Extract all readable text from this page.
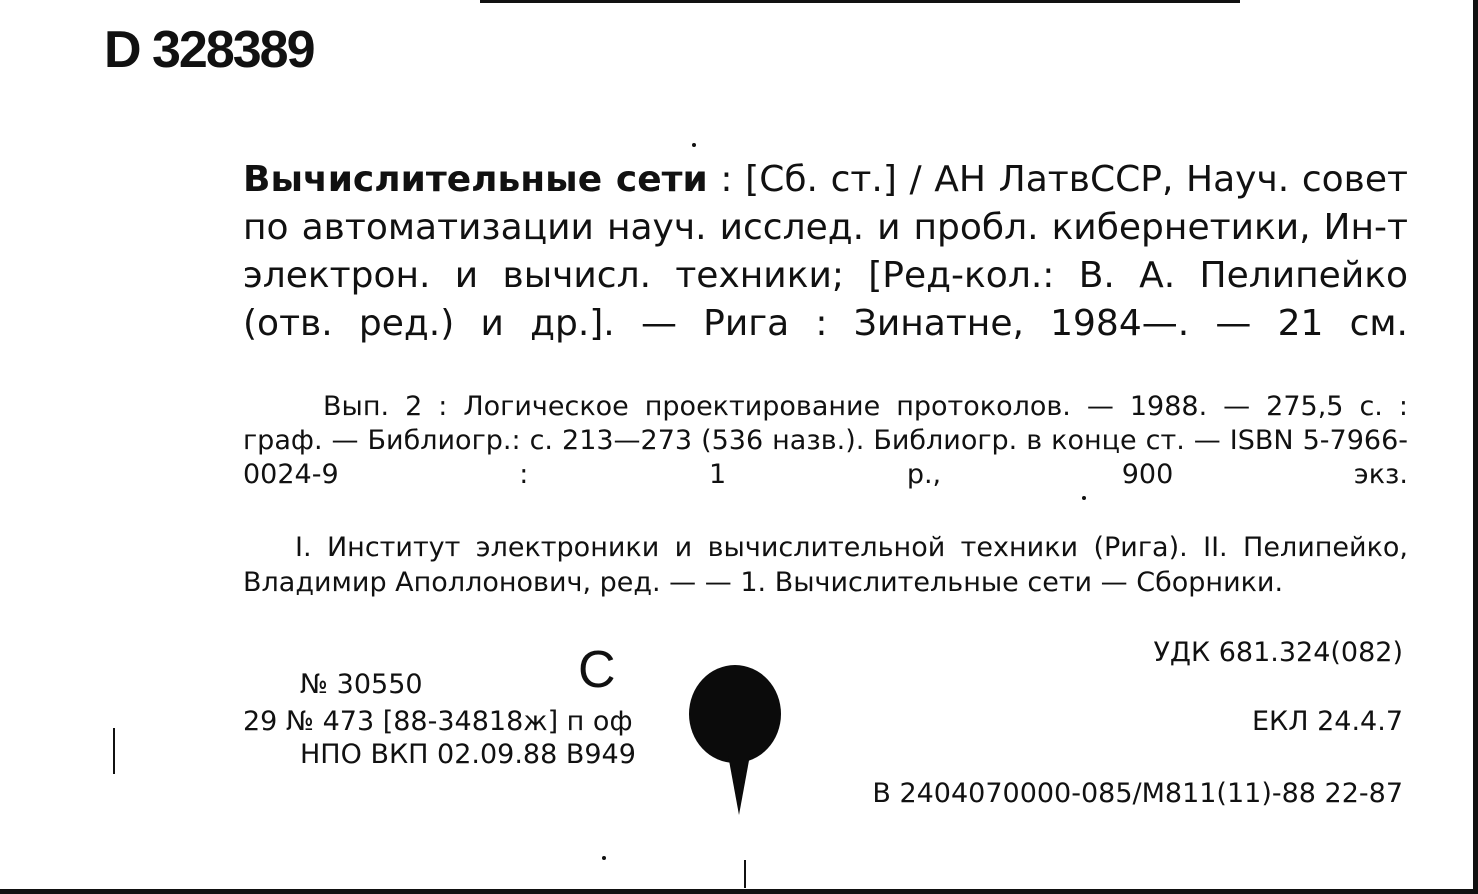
D 328389
Вычислительные сети : [Сб. ст.] / АН ЛатвССР, Науч. совет по автоматизации науч. исслед. и пробл. кибернетики, Ин-т электрон. и вычисл. техники; [Ред-кол.: В. А. Пелипейко (отв. ред.) и др.]. — Рига : Зинатне, 1984—. — 21 см.
Вып. 2 : Логическое проектирование протоколов. — 1988. — 275,5 с. : граф. — Библиогр.: с. 213—273 (536 назв.). Библиогр. в конце ст. — ISBN 5-7966-0024-9 : 1 р., 900 экз.
I. Институт электроники и вычислительной техники (Рига). II. Пелипейко, Владимир Аполлонович, ред. — — 1. Вычислительные сети — Сборники.
УДК 681.324(082)
С
№ 30550
29 № 473 [88-34818ж] п оф
НПО ВКП 02.09.88 В949
ЕКЛ 24.4.7
В 2404070000-085/М811(11)-88 22-87
